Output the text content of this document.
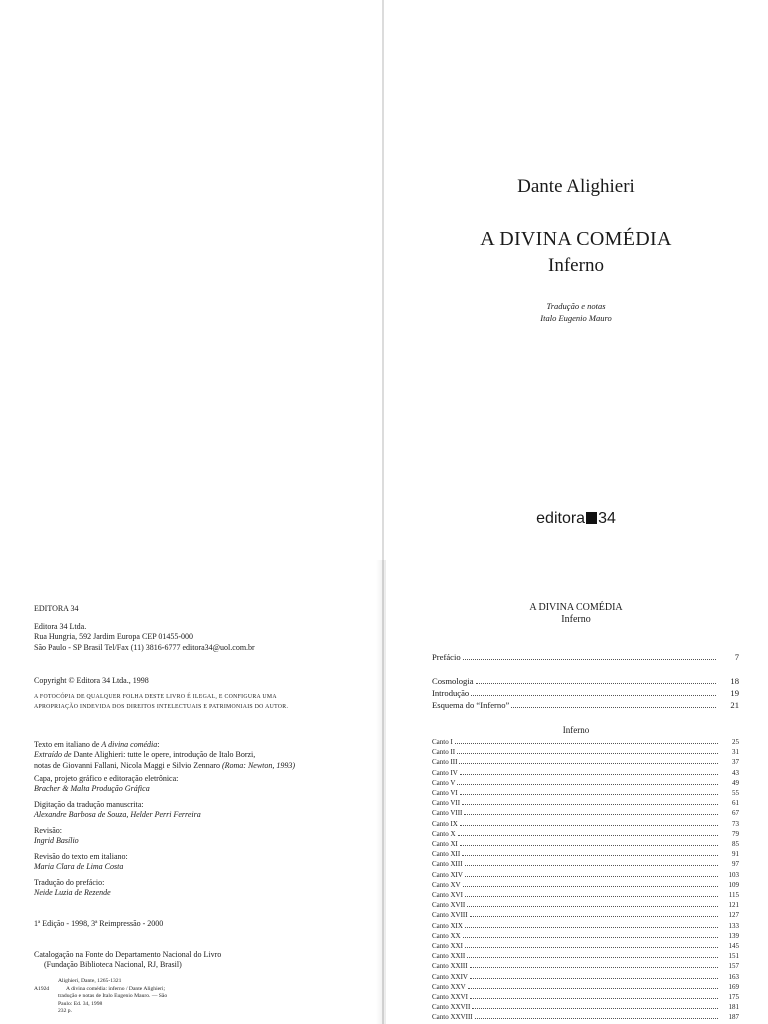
Dante Alighieri
A DIVINA COMÉDIA
Inferno
Tradução e notas
Italo Eugenio Mauro
editora 34
EDITORA 34
Editora 34 Ltda.
Rua Hungria, 592 Jardim Europa CEP 01455-000
São Paulo - SP Brasil Tel/Fax (11) 3816-6777 editora34@uol.com.br
Copyright © Editora 34 Ltda., 1998
A FOTOCÓPIA DE QUALQUER FOLHA DESTE LIVRO É ILEGAL, E CONFIGURA UMA
APROPRIAÇÃO INDEVIDA DOS DIREITOS INTELECTUAIS E PATRIMONIAIS DO AUTOR.
Texto em italiano de A divina comédia:
Extraído de Dante Alighieri: tutte le opere, introdução de Italo Borzi,
notas de Giovanni Fallani, Nicola Maggi e Silvio Zennaro (Roma: Newton, 1993)
Capa, projeto gráfico e editoração eletrônica:
Bracher & Malta Produção Gráfica
Digitação da tradução manuscrita:
Alexandre Barbosa de Souza, Helder Perri Ferreira
Revisão:
Ingrid Basílio
Revisão do texto em italiano:
Maria Clara de Lima Costa
Tradução do prefácio:
Neide Luzia de Rezende
1ª Edição - 1998, 3ª Reimpressão - 2000
Catalogação na Fonte do Departamento Nacional do Livro
(Fundação Biblioteca Nacional, RJ, Brasil)
Alighieri, Dante, 1265-1321
A192d	A divina comédia: inferno / Dante Alighieri;
tradução e notas de Italo Eugenio Mauro. — São
Paulo: Ed. 34, 1998
232 p.
A DIVINA COMÉDIA
Inferno
Prefácio	7
Cosmologia	18
Introdução	19
Esquema do “Inferno”	21
Inferno
Canto I	25
Canto II	31
Canto III	37
Canto IV	43
Canto V	49
Canto VI	55
Canto VII	61
Canto VIII	67
Canto IX	73
Canto X	79
Canto XI	85
Canto XII	91
Canto XIII	97
Canto XIV	103
Canto XV	109
Canto XVI	115
Canto XVII	121
Canto XVIII	127
Canto XIX	133
Canto XX	139
Canto XXI	145
Canto XXII	151
Canto XXIII	157
Canto XXIV	163
Canto XXV	169
Canto XXVI	175
Canto XXVII	181
Canto XXVIII	187
